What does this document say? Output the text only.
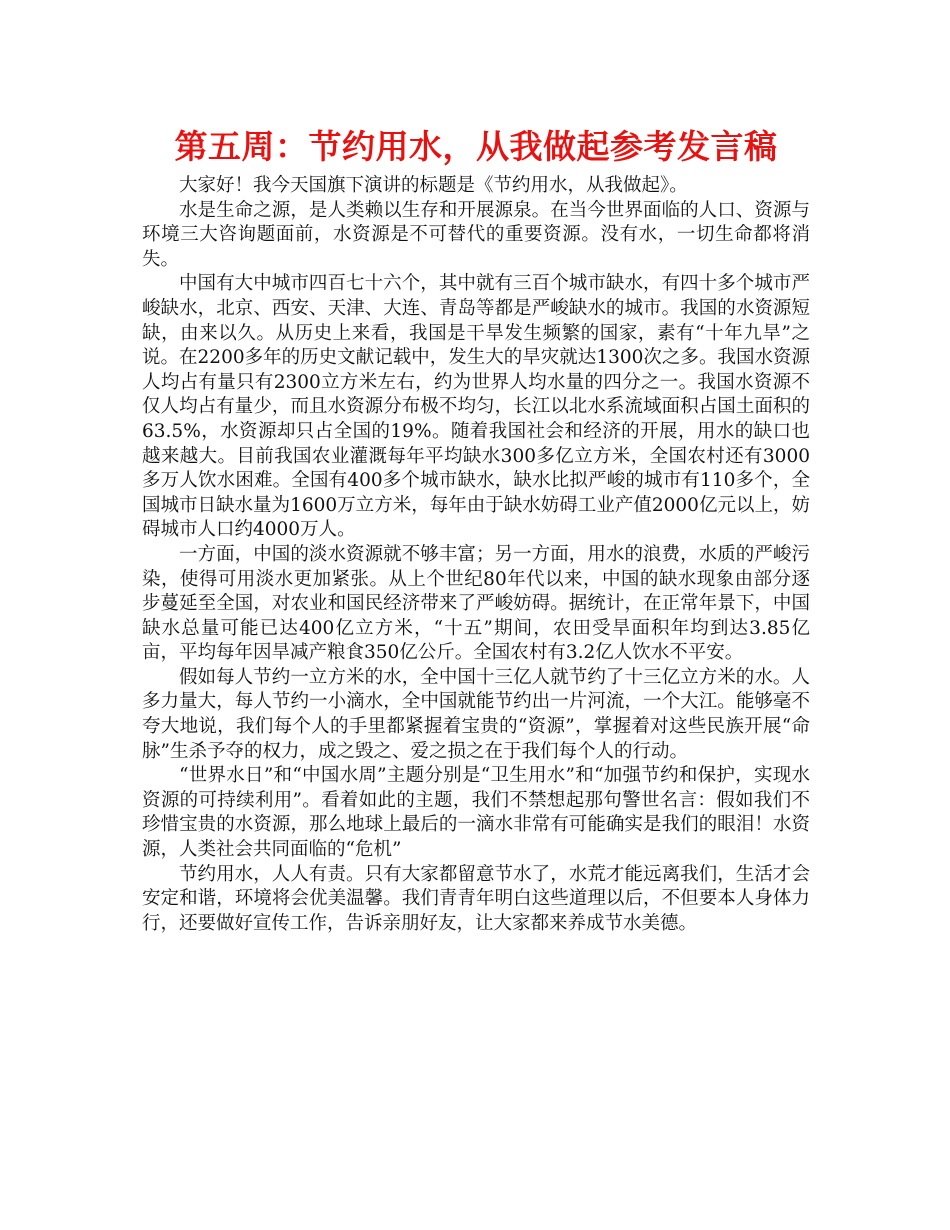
第五周：节约用水，从我做起参考发言稿

大家好！我今天国旗下演讲的标题是《节约用水，从我做起》。

水是生命之源，是人类赖以生存和开展源泉。在当今世界面临的人口、资源与环境三大咨询题面前，水资源是不可替代的重要资源。没有水，一切生命都将消失。

中国有大中城市四百七十六个，其中就有三百个城市缺水，有四十多个城市严峻缺水，北京、西安、天津、大连、青岛等都是严峻缺水的城市。我国的水资源短缺，由来以久。从历史上来看，我国是干旱发生频繁的国家，素有“十年九旱”之说。在2200多年的历史文献记载中，发生大的旱灾就达1300次之多。我国水资源人均占有量只有2300立方米左右，约为世界人均水量的四分之一。我国水资源不仅人均占有量少，而且水资源分布极不均匀，长江以北水系流域面积占国土面积的63.5%，水资源却只占全国的19%。随着我国社会和经济的开展，用水的缺口也越来越大。目前我国农业灌溉每年平均缺水300多亿立方米，全国农村还有3000多万人饮水困难。全国有400多个城市缺水，缺水比拟严峻的城市有110多个，全国城市日缺水量为1600万立方米，每年由于缺水妨碍工业产值2000亿元以上，妨碍城市人口约4000万人。

一方面，中国的淡水资源就不够丰富；另一方面，用水的浪费，水质的严峻污染，使得可用淡水更加紧张。从上个世纪80年代以来，中国的缺水现象由部分逐步蔓延至全国，对农业和国民经济带来了严峻妨碍。据统计，在正常年景下，中国缺水总量可能已达400亿立方米，“十五”期间，农田受旱面积年均到达3.85亿亩，平均每年因旱减产粮食350亿公斤。全国农村有3.2亿人饮水不平安。

假如每人节约一立方米的水，全中国十三亿人就节约了十三亿立方米的水。人多力量大，每人节约一小滴水，全中国就能节约出一片河流，一个大江。能够毫不夸大地说，我们每个人的手里都紧握着宝贵的“资源”，掌握着对这些民族开展“命脉”生杀予夺的权力，成之毁之、爱之损之在于我们每个人的行动。

“世界水日”和“中国水周”主题分别是“卫生用水”和“加强节约和保护，实现水资源的可持续利用”。看着如此的主题，我们不禁想起那句警世名言：假如我们不珍惜宝贵的水资源，那么地球上最后的一滴水非常有可能确实是我们的眼泪！水资源，人类社会共同面临的“危机”

节约用水，人人有责。只有大家都留意节水了，水荒才能远离我们，生活才会安定和谐，环境将会优美温馨。我们青青年明白这些道理以后，不但要本人身体力行，还要做好宣传工作，告诉亲朋好友，让大家都来养成节水美德。
